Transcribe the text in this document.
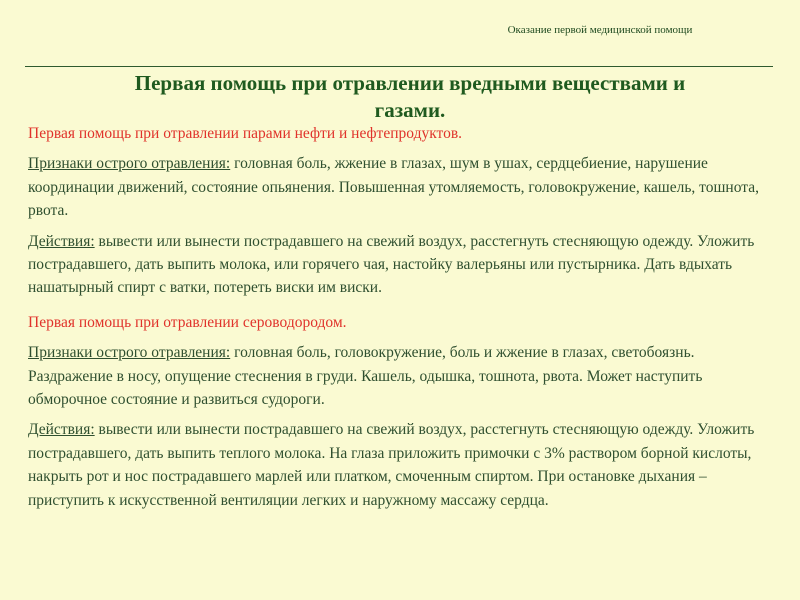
Оказание первой медицинской помощи
Первая помощь при отравлении вредными веществами и газами.

Первая помощь при отравлении парами нефти и нефтепродуктов.

Признаки острого отравления: головная боль, жжение в глазах, шум в ушах, сердцебиение, нарушение координации движений, состояние опьянения. Повышенная утомляемость, головокружение, кашель, тошнота, рвота.

Действия: вывести или вынести пострадавшего на свежий воздух, расстегнуть стесняющую одежду. Уложить пострадавшего, дать выпить молока, или горячего чая, настойку валерьяны или пустырника. Дать вдыхать нашатырный спирт с ватки, потереть виски им виски.

Первая помощь при отравлении сероводородом.

Признаки острого отравления: головная боль, головокружение, боль и жжение в глазах, светобоязнь. Раздражение в носу, опущение стеснения в груди. Кашель, одышка, тошнота, рвота. Может наступить обморочное состояние и развиться судороги.

Действия: вывести или вынести пострадавшего на свежий воздух, расстегнуть стесняющую одежду. Уложить пострадавшего, дать выпить теплого молока. На глаза приложить примочки с 3% раствором борной кислоты, накрыть рот и нос пострадавшего марлей или платком, смоченным спиртом. При остановке дыхания – приступить к искусственной вентиляции легких и наружному массажу сердца.
